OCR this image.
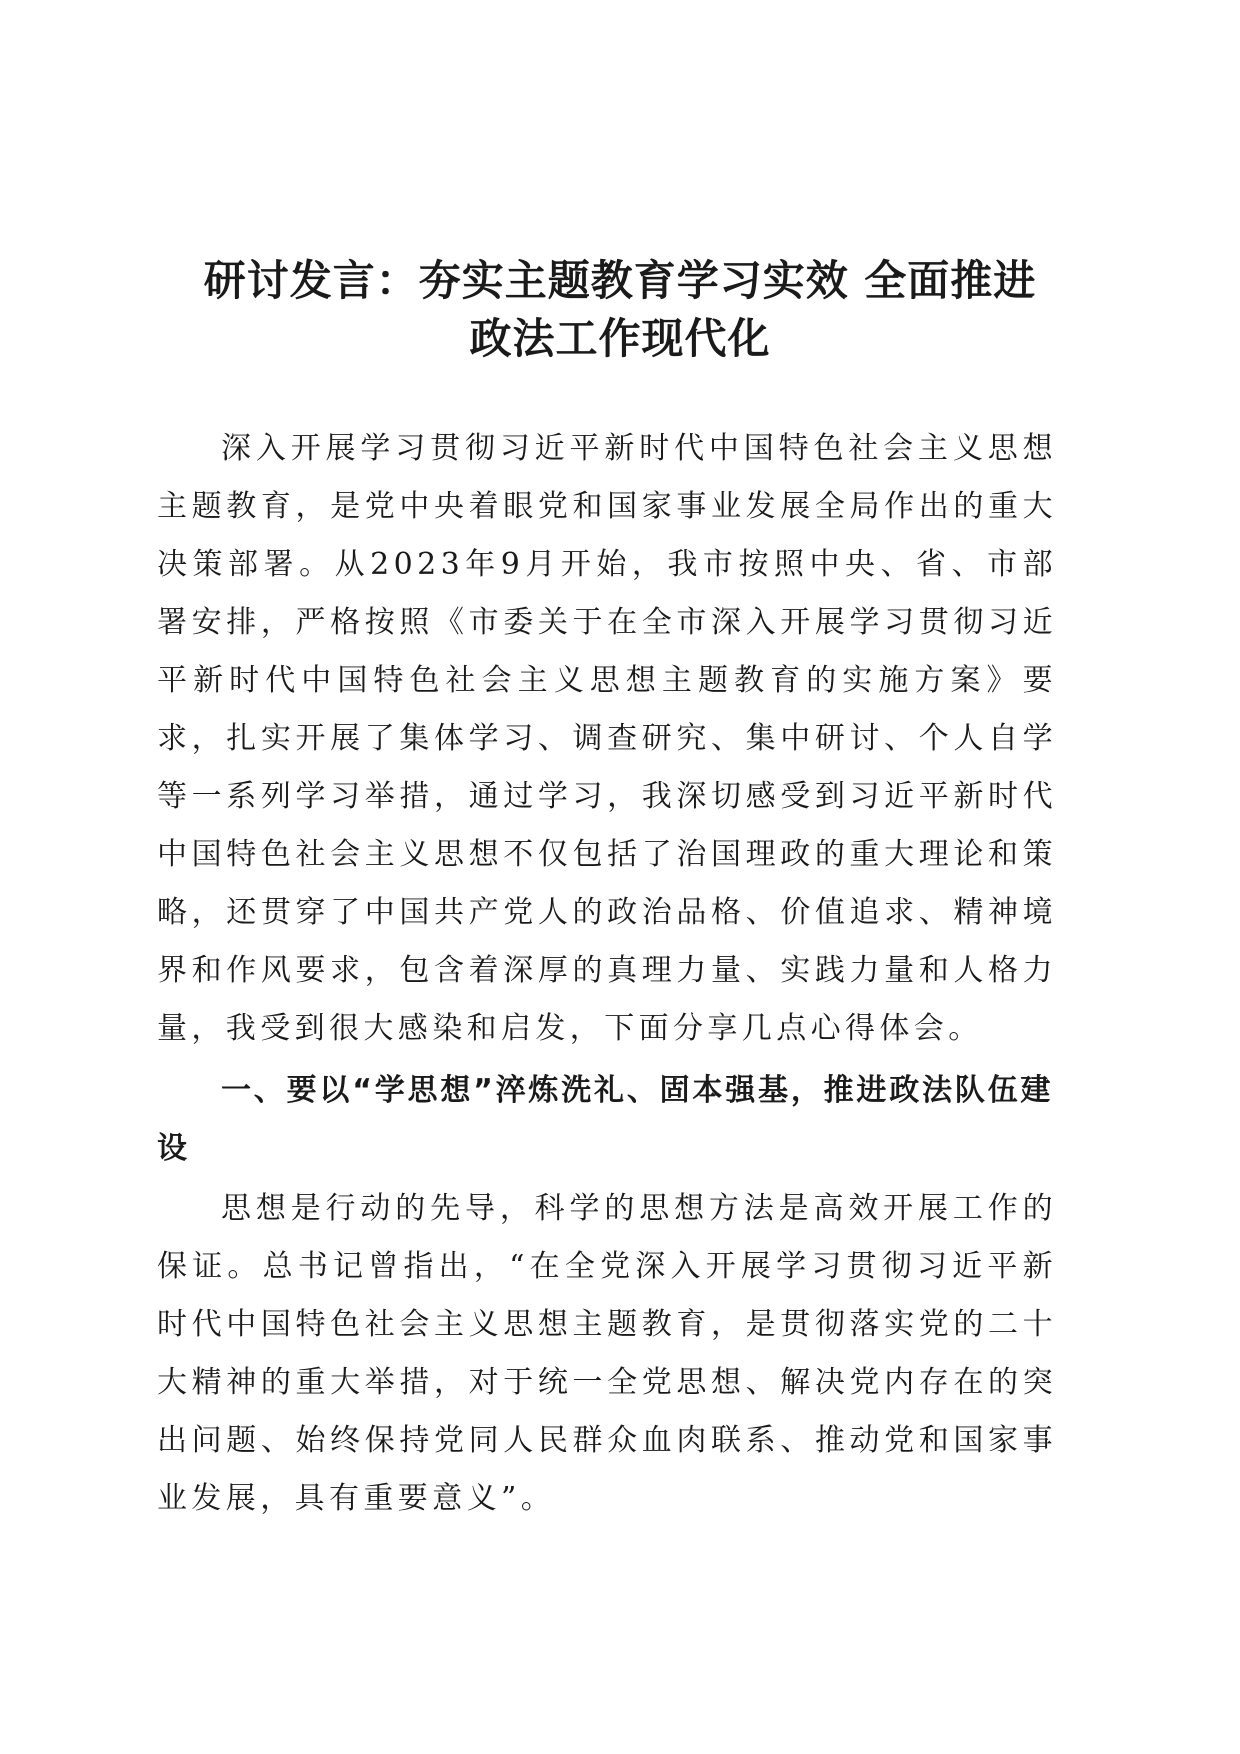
研讨发言：夯实主题教育学习实效 全面推进
政法工作现代化

深入开展学习贯彻习近平新时代中国特色社会主义思想主题教育，是党中央着眼党和国家事业发展全局作出的重大决策部署。从2023年9月开始，我市按照中央、省、市部署安排，严格按照《市委关于在全市深入开展学习贯彻习近平新时代中国特色社会主义思想主题教育的实施方案》要求，扎实开展了集体学习、调查研究、集中研讨、个人自学等一系列学习举措，通过学习，我深切感受到习近平新时代中国特色社会主义思想不仅包括了治国理政的重大理论和策略，还贯穿了中国共产党人的政治品格、价值追求、精神境界和作风要求，包含着深厚的真理力量、实践力量和人格力量，我受到很大感染和启发，下面分享几点心得体会。

一、要以“学思想”淬炼洗礼、固本强基，推进政法队伍建设

思想是行动的先导，科学的思想方法是高效开展工作的保证。总书记曾指出，“在全党深入开展学习贯彻习近平新时代中国特色社会主义思想主题教育，是贯彻落实党的二十大精神的重大举措，对于统一全党思想、解决党内存在的突出问题、始终保持党同人民群众血肉联系、推动党和国家事业发展，具有重要意义”。
